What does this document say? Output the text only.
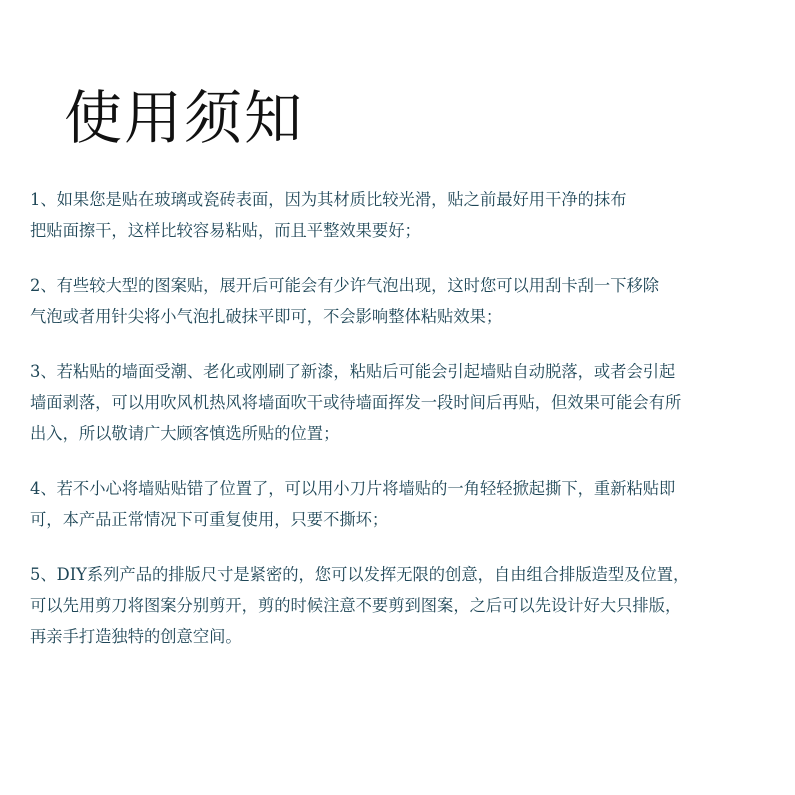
使用须知
1、如果您是贴在玻璃或瓷砖表面，因为其材质比较光滑，贴之前最好用干净的抹布
把贴面擦干，这样比较容易粘贴，而且平整效果要好；
2、有些较大型的图案贴，展开后可能会有少许气泡出现，这时您可以用刮卡刮一下移除
气泡或者用针尖将小气泡扎破抹平即可，不会影响整体粘贴效果；
3、若粘贴的墙面受潮、老化或刚刷了新漆，粘贴后可能会引起墙贴自动脱落，或者会引起
墙面剥落，可以用吹风机热风将墙面吹干或待墙面挥发一段时间后再贴，但效果可能会有所
出入，所以敬请广大顾客慎选所贴的位置；
4、若不小心将墙贴贴错了位置了，可以用小刀片将墙贴的一角轻轻掀起撕下，重新粘贴即
可，本产品正常情况下可重复使用，只要不撕坏；
5、DIY系列产品的排版尺寸是紧密的，您可以发挥无限的创意，自由组合排版造型及位置，
可以先用剪刀将图案分别剪开，剪的时候注意不要剪到图案，之后可以先设计好大只排版，
再亲手打造独特的创意空间。
